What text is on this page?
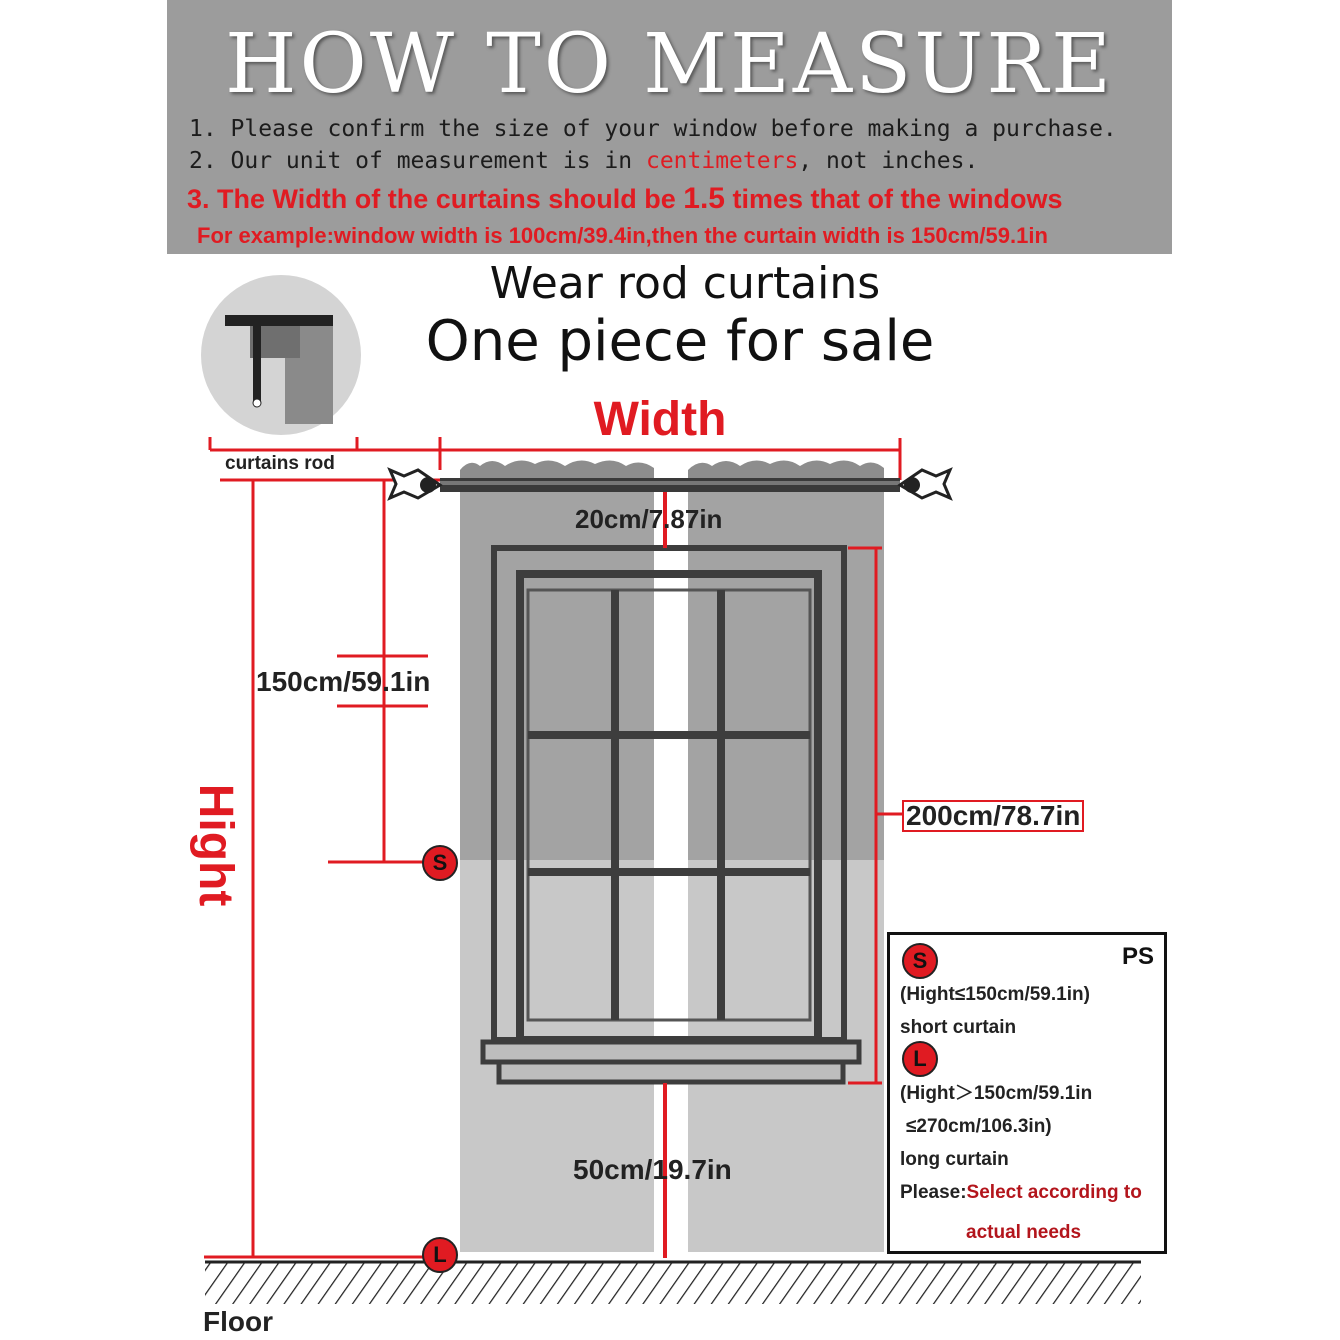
HOW TO MEASURE
1. Please confirm the size of your window before making a purchase.
2. Our unit of measurement is in centimeters, not inches.
3. The Width of the curtains should be 1.5 times that of the windows
For example:window width is 100cm/39.4in,then the curtain width is 150cm/59.1in
curtains rod
Width
Hight
Wear rod curtains
One piece for sale
20cm/7.87in
150cm/59.1in
200cm/78.7in
50cm/19.7in
S
L
Floor
PS
S
(Hight≤150cm/59.1in)
short curtain
L
(Hight＞150cm/59.1in
≤270cm/106.3in)
long curtain
Please:Select according to
actual needs
